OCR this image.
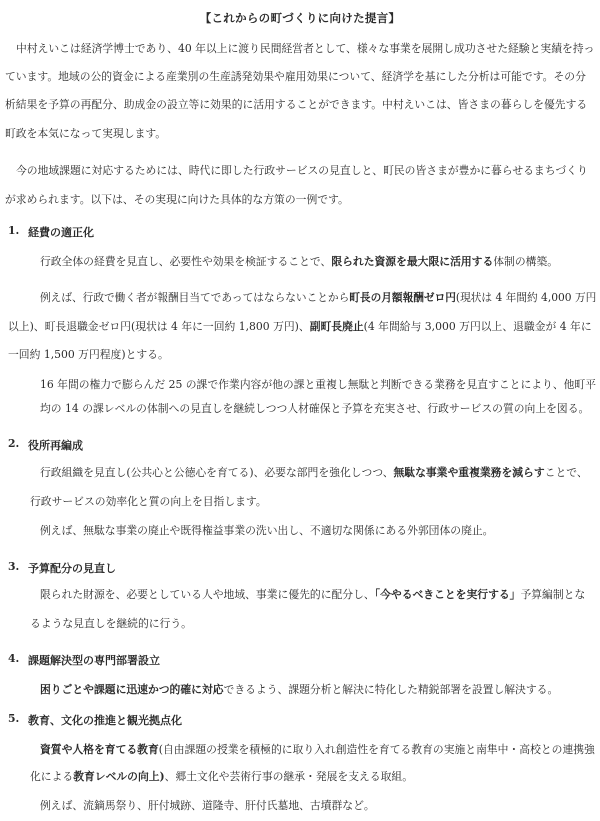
【これからの町づくりに向けた提言】
中村えいこは経済学博士であり、40 年以上に渡り民間経営者として、様々な事業を展開し成功させた経験と実績を持っ
ています。地域の公的資金による産業別の生産誘発効果や雇用効果について、経済学を基にした分析は可能です。その分
析結果を予算の再配分、助成金の設立等に効果的に活用することができます。中村えいこは、皆さまの暮らしを優先する
町政を本気になって実現します。
今の地域課題に対応するためには、時代に即した行政サービスの見直しと、町民の皆さまが豊かに暮らせるまちづくり
が求められます。以下は、その実現に向けた具体的な方策の一例です。
1. 経費の適正化
行政全体の経費を見直し、必要性や効果を検証することで、限られた資源を最大限に活用する体制の構築。
例えば、行政で働く者が報酬目当てであってはならないことから町長の月額報酬ゼロ円(現状は 4 年間約 4,000 万円
以上)、町長退職金ゼロ円(現状は 4 年に一回約 1,800 万円)、副町長廃止(4 年間給与 3,000 万円以上、退職金が 4 年に
一回約 1,500 万円程度)とする。
16 年間の権力で膨らんだ 25 の課で作業内容が他の課と重複し無駄と判断できる業務を見直すことにより、他町平
均の 14 の課レベルの体制への見直しを継続しつつ人材確保と予算を充実させ、行政サービスの質の向上を図る。
2. 役所再編成
行政組織を見直し(公共心と公徳心を育てる)、必要な部門を強化しつつ、無駄な事業や重複業務を減らすことで、
行政サービスの効率化と質の向上を目指します。
例えば、無駄な事業の廃止や既得権益事業の洗い出し、不適切な関係にある外郭団体の廃止。
3. 予算配分の見直し
限られた財源を、必要としている人や地域、事業に優先的に配分し、「今やるべきことを実行する」予算編制とな
るような見直しを継続的に行う。
4. 課題解決型の専門部署設立
困りごとや課題に迅速かつ的確に対応できるよう、課題分析と解決に特化した精鋭部署を設置し解決する。
5. 教育、文化の推進と観光拠点化
資質や人格を育てる教育(自由課題の授業を積極的に取り入れ創造性を育てる教育の実施と南隼中・高校との連携強
化による教育レベルの向上)、郷土文化や芸術行事の継承・発展を支える取組。
例えば、流鏑馬祭り、肝付城跡、道隆寺、肝付氏墓地、古墳群など。
